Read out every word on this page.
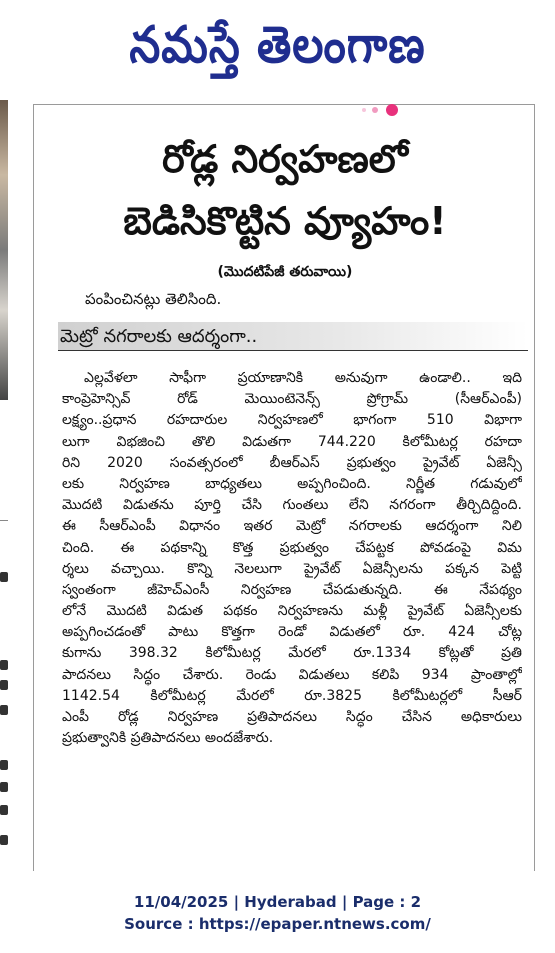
నమస్తే తెలంగాణ
రోడ్ల నిర్వహణలో
బెడిసికొట్టిన వ్యూహం!
(మొదటిపేజీ తరువాయి)
పంపించినట్లు తెలిసింది.
మెట్రో నగరాలకు ఆదర్శంగా..
ఎల్లవేళలా సాఫీగా ప్రయాణానికి అనువుగా ఉండాలి.. ఇది
కాంప్రెహెన్సివ్ రోడ్ మెయింటెనెన్స్ ప్రోగ్రామ్ (సీఆర్ఎంపీ)
లక్ష్యం..ప్రధాన రహదారుల నిర్వహణలో భాగంగా 510 విభాగా
లుగా విభజించి తొలి విడుతగా 744.220 కిలోమీటర్ల రహదా
రిని 2020 సంవత్సరంలో బీఆర్ఎస్ ప్రభుత్వం ప్రైవేట్ ఏజెన్సీ
లకు నిర్వహణ బాధ్యతలు అప్పగించింది. నిర్ణీత గడువులో
మొదటి విడుతను పూర్తి చేసి గుంతలు లేని నగరంగా తీర్చిదిద్దింది.
ఈ సీఆర్ఎంపీ విధానం ఇతర మెట్రో నగరాలకు ఆదర్శంగా నిలి
చింది. ఈ పథకాన్ని కొత్త ప్రభుత్వం చేపట్టక పోవడంపై విమ
ర్శలు వచ్చాయి. కొన్ని నెలలుగా ప్రైవేట్ ఏజెన్సీలను పక్కన పెట్టి
స్వంతంగా జీహెచ్ఎంసీ నిర్వహణ చేపడుతున్నది. ఈ నేపథ్యం
లోనే మొదటి విడుత పథకం నిర్వహణను మళ్లీ ప్రైవేట్ ఏజెన్సీలకు
అప్పగించడంతో పాటు కొత్తగా రెండో విడుతలో రూ. 424 చోట్ల
కుగాను 398.32 కిలోమీటర్ల మేరలో రూ.1334 కోట్లతో ప్రతి
పాదనలు సిద్ధం చేశారు. రెండు విడుతలు కలిపి 934 ప్రాంతాల్లో
1142.54 కిలోమీటర్ల మేరలో రూ.3825 కిలోమీటర్లలో సీఆర్
ఎంపీ రోడ్ల నిర్వహణ ప్రతిపాదనలు సిద్ధం చేసిన అధికారులు
ప్రభుత్వానికి ప్రతిపాదనలు అందజేశారు.
11/04/2025 | Hyderabad | Page : 2
Source : https://epaper.ntnews.com/
